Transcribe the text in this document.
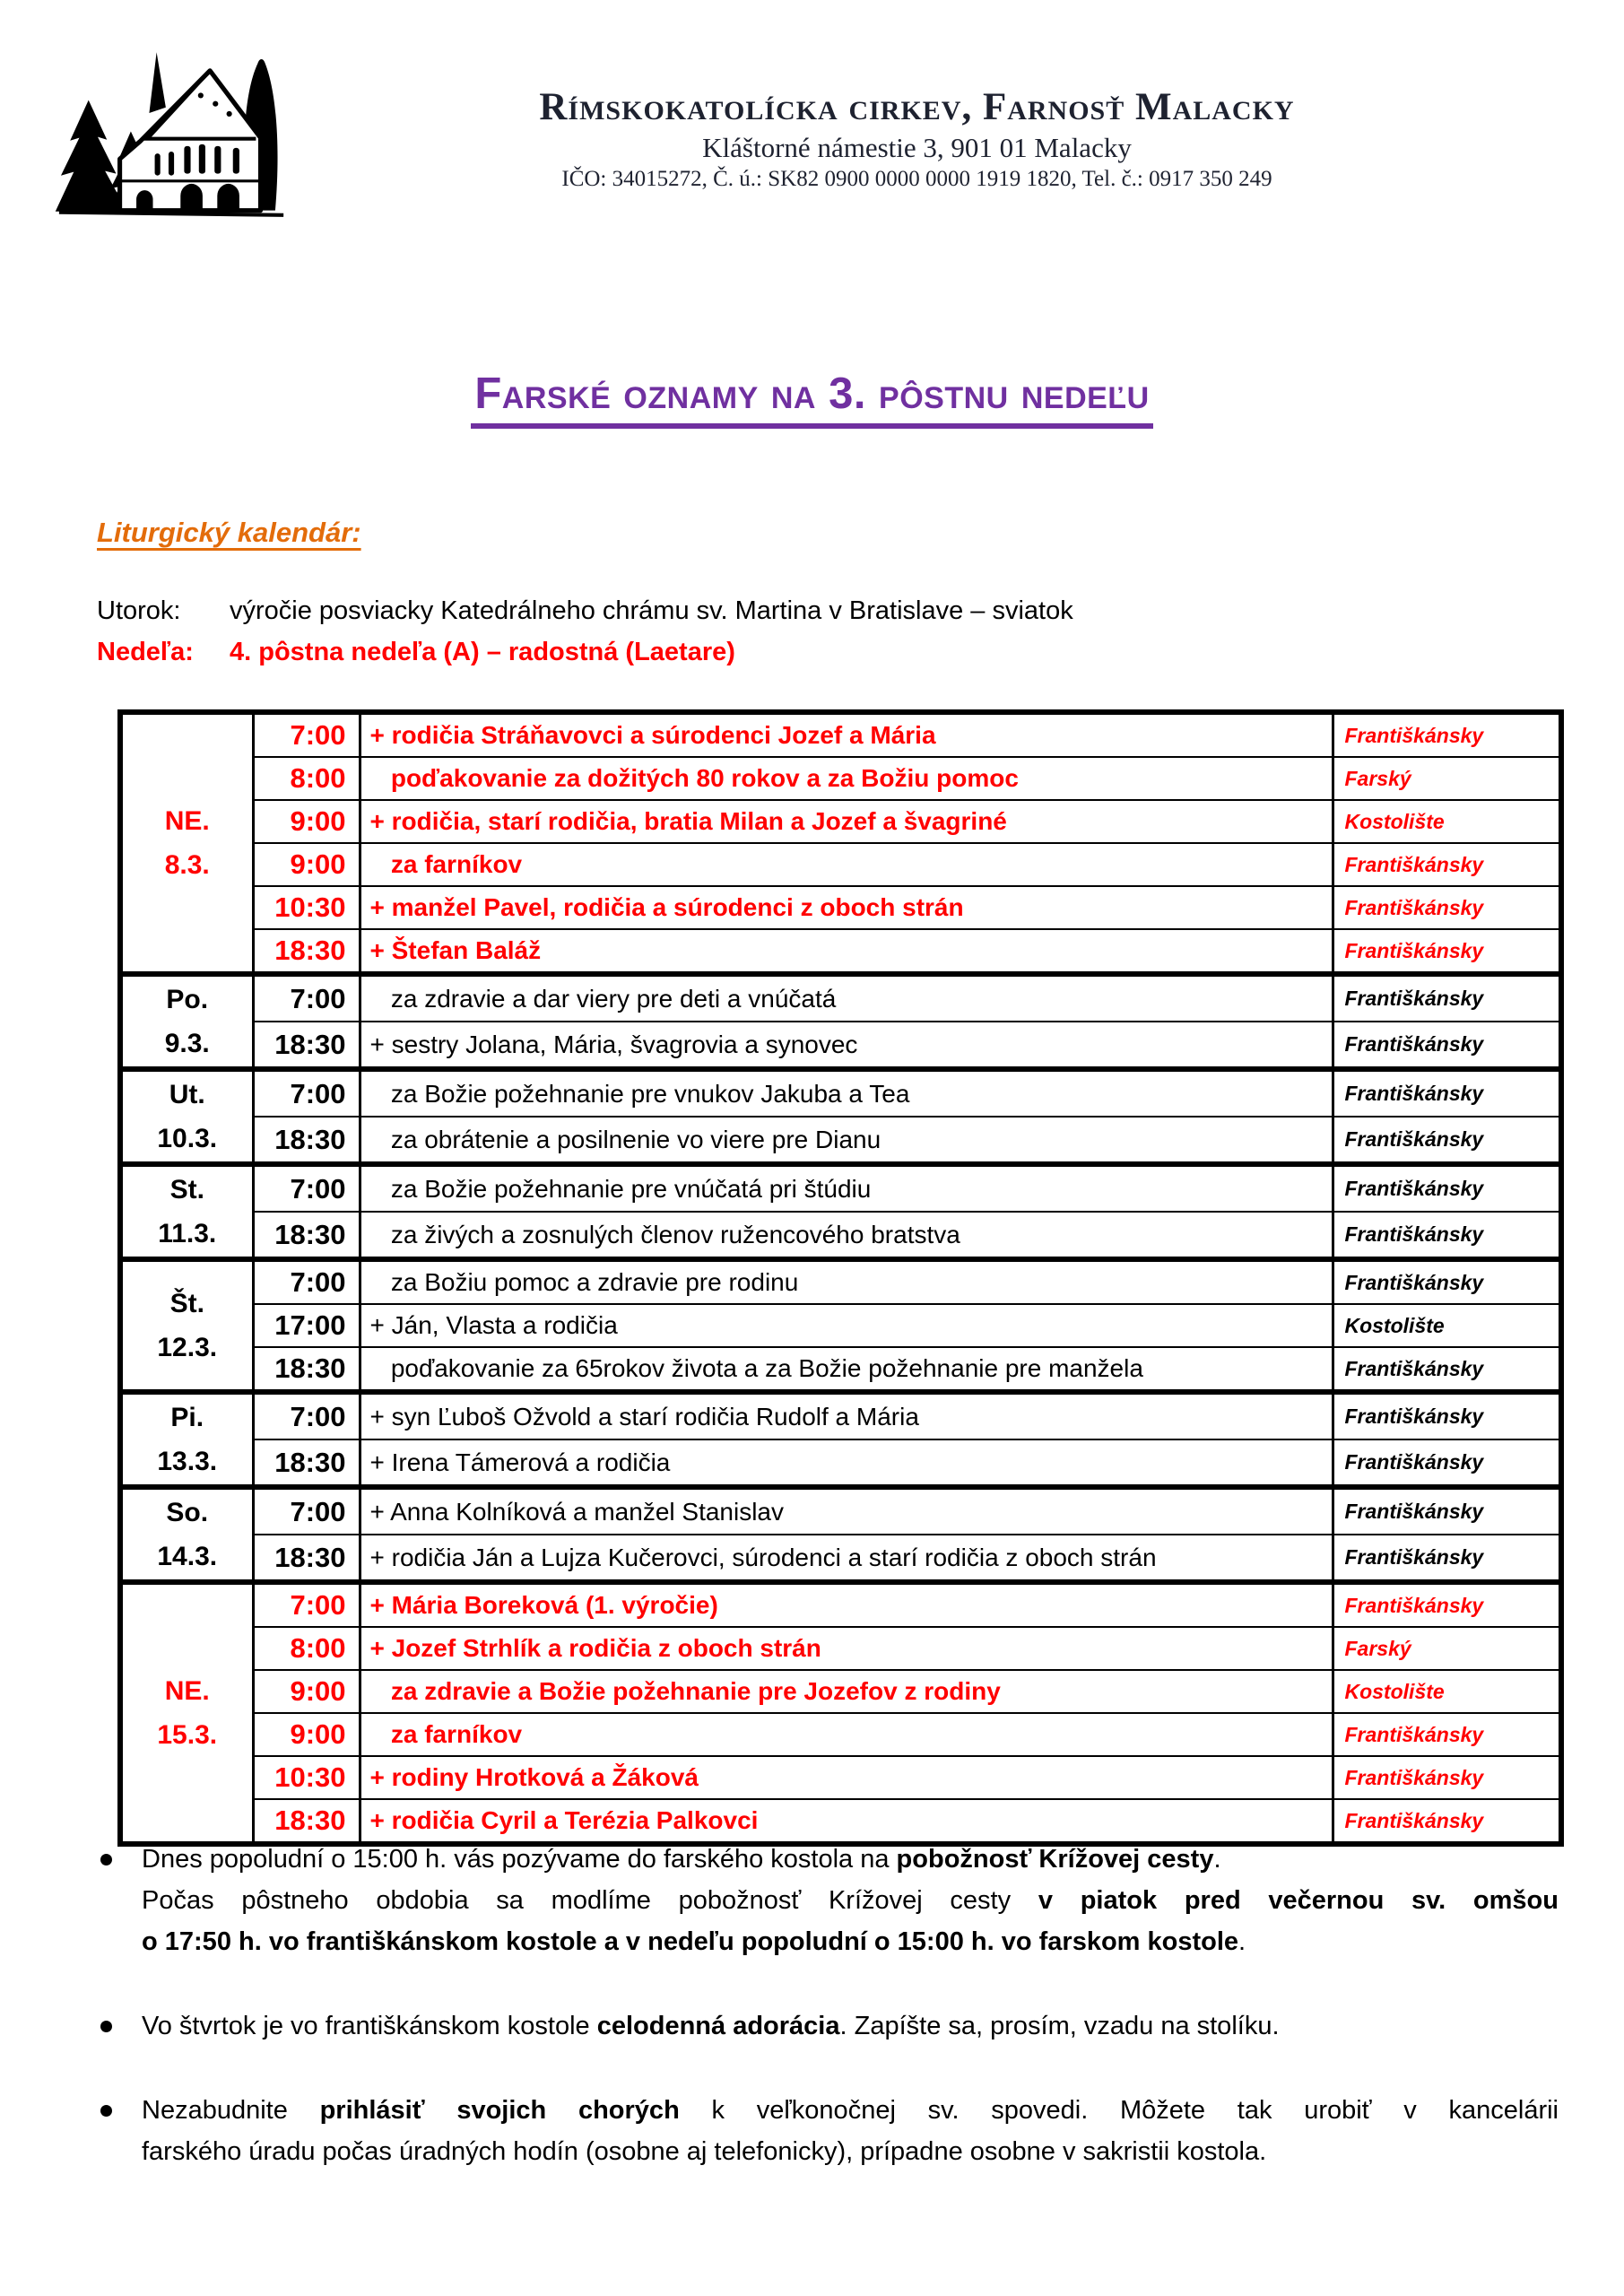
Rímskokatolícka cirkev, Farnosť Malacky
Kláštorné námestie 3, 901 01 Malacky
IČO: 34015272, Č. ú.: SK82 0900 0000 0000 1919 1820, Tel. č.: 0917 350 249
Farské oznamy na 3. pôstnu nedeľu
Liturgický kalendár:
Utorok: výročie posviacky Katedrálneho chrámu sv. Martina v Bratislave – sviatok
Nedeľa: 4. pôstna nedeľa (A) – radostná (Laetare)
NE.
8.3.	7:00	+ rodičia Stráňavovci a súrodenci Jozef a Mária	Františkánsky
	8:00	poďakovanie za dožitých 80 rokov a za Božiu pomoc	Farský
	9:00	+ rodičia, starí rodičia, bratia Milan a Jozef a švagriné	Kostolište
	9:00	za farníkov	Františkánsky
	10:30	+ manžel Pavel, rodičia a súrodenci z oboch strán	Františkánsky
	18:30	+ Štefan Baláž	Františkánsky

Po.
9.3.	7:00	za zdravie a dar viery pre deti a vnúčatá	Františkánsky
	18:30	+ sestry Jolana, Mária, švagrovia a synovec	Františkánsky

Ut.
10.3.	7:00	za Božie požehnanie pre vnukov Jakuba a Tea	Františkánsky
	18:30	za obrátenie a posilnenie vo viere pre Dianu	Františkánsky

St.
11.3.	7:00	za Božie požehnanie pre vnúčatá pri štúdiu	Františkánsky
	18:30	za živých a zosnulých členov ružencového bratstva	Františkánsky

Št.
12.3.	7:00	za Božiu pomoc a zdravie pre rodinu	Františkánsky
	17:00	+ Ján, Vlasta a rodičia	Kostolište
	18:30	poďakovanie za 65rokov života a za Božie požehnanie pre manžela	Františkánsky

Pi.
13.3.	7:00	+ syn Ľuboš Ožvold a starí rodičia Rudolf a Mária	Františkánsky
	18:30	+ Irena Támerová a rodičia	Františkánsky

So.
14.3.	7:00	+ Anna Kolníková a manžel Stanislav	Františkánsky
	18:30	+ rodičia Ján a Lujza Kučerovci, súrodenci a starí rodičia z oboch strán	Františkánsky

NE.
15.3.	7:00	+ Mária Boreková (1. výročie)	Františkánsky
	8:00	+ Jozef Strhlík a rodičia z oboch strán	Farský
	9:00	za zdravie a Božie požehnanie pre Jozefov z rodiny	Kostolište
	9:00	za farníkov	Františkánsky
	10:30	+ rodiny Hrotková a Žáková	Františkánsky
	18:30	+ rodičia Cyril a Terézia Palkovci	Františkánsky
Dnes popoludní o 15:00 h. vás pozývame do farského kostola na pobožnosť Krížovej cesty.
Počas pôstneho obdobia sa modlíme pobožnosť Krížovej cesty v piatok pred večernou sv. omšou
o 17:50 h. vo františkánskom kostole a v nedeľu popoludní o 15:00 h. vo farskom kostole.
Vo štvrtok je vo františkánskom kostole celodenná adorácia. Zapíšte sa, prosím, vzadu na stolíku.
Nezabudnite prihlásiť svojich chorých k veľkonočnej sv. spovedi. Môžete tak urobiť v kancelárii
farského úradu počas úradných hodín (osobne aj telefonicky), prípadne osobne v sakristii kostola.
